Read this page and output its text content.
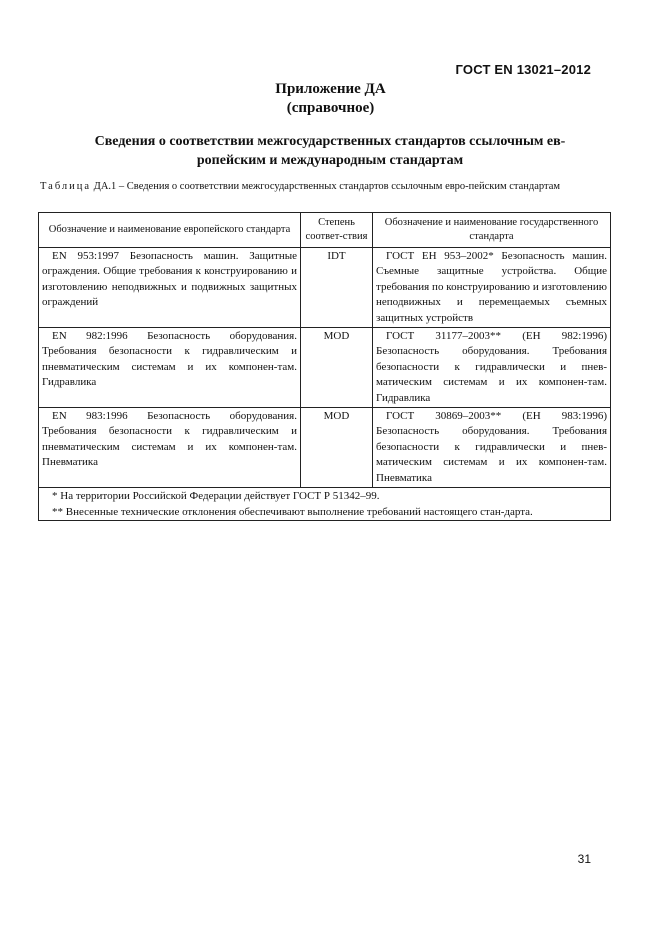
ГОСТ EN 13021–2012
Приложение ДА
(справочное)
Сведения о соответствии межгосударственных стандартов ссылочным ев-
ропейским и международным стандартам
Таблица ДА.1 – Сведения о соответствии межгосударственных стандартов ссылочным евро-пейским стандартам
Обозначение и наименование европейского стандарта	Степень соответ-ствия	Обозначение и наименование государственного стандарта
EN 953:1997 Безопасность машин. Защитные ограждения. Общие требования к конструированию и изготовлению неподвижных и подвижных защитных ограждений	IDT	ГОСТ ЕН 953–2002* Безопасность машин. Съемные защитные устройства. Общие требования по конструированию и изготовлению неподвижных и перемещаемых съемных защитных устройств
EN 982:1996 Безопасность оборудования. Требования безопасности к гидравлическим и пневматическим системам и их компонен-там. Гидравлика	MOD	ГОСТ 31177–2003** (ЕН 982:1996) Безопасность оборудования. Требования безопасности к гидравлически и пнев-матическим системам и их компонен-там. Гидравлика
EN 983:1996 Безопасность оборудования. Требования безопасности к гидравлическим и пневматическим системам и их компонен-там. Пневматика	MOD	ГОСТ 30869–2003** (ЕН 983:1996) Безопасность оборудования. Требования безопасности к гидравлически и пнев-матическим системам и их компонен-там. Пневматика

* На территории Российской Федерации действует ГОСТ Р 51342–99.
** Внесенные технические отклонения обеспечивают выполнение требований настоящего стан-дарта.		
31
